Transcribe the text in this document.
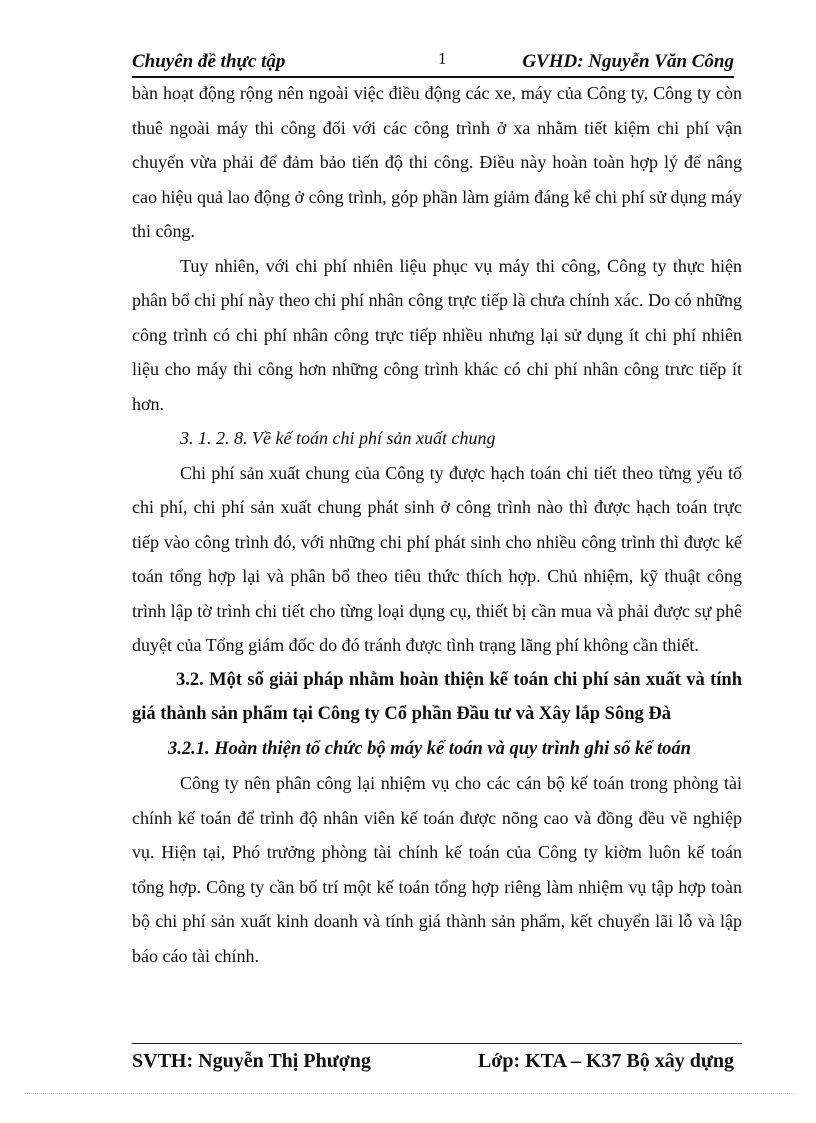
Chuyên đề thực tập	1	GVHD: Nguyễn Văn Công

bàn hoạt động rộng nên ngoài việc điều động các xe, máy của Công ty, Công ty còn thuê ngoài máy thi công đối với các công trình ở xa nhằm tiết kiệm chi phí vận chuyển vừa phải để đảm bảo tiến độ thi công. Điều này hoàn toàn hợp lý để nâng cao hiệu quả lao động ở công trình, góp phần làm giảm đáng kể chi phí sử dụng máy thi công.

Tuy nhiên, với chi phí nhiên liệu phục vụ máy thi công, Công ty thực hiện phân bổ chi phí này theo chi phí nhân công trực tiếp là chưa chính xác. Do có những công trình có chi phí nhân công trực tiếp nhiều nhưng lại sử dụng ít chi phí nhiên liệu cho máy thi công hơn những công trình khác có chi phí nhân công trưc tiếp ít hơn.

3. 1. 2. 8. Về kế toán chi phí sản xuất chung

Chi phí sản xuất chung của Công ty được hạch toán chi tiết theo từng yếu tố chi phí, chi phí sản xuất chung phát sinh ở công trình nào thì được hạch toán trực tiếp vào công trình đó, với những chi phí phát sinh cho nhiều công trình thì được kế toán tổng hợp lại và phân bổ theo tiêu thức thích hợp. Chủ nhiệm, kỹ thuật công trình lập tờ trình chi tiết cho từng loại dụng cụ, thiết bị cần mua và phải được sự phê duyệt của Tổng giám đốc do đó tránh được tình trạng lãng phí không cần thiết.

3.2. Một số giải pháp nhằm hoàn thiện kế toán chi phí sản xuất và tính giá thành sản phẩm tại Công ty Cổ phần Đầu tư và Xây lắp Sông Đà

3.2.1. Hoàn thiện tổ chức bộ máy kế toán và quy trình ghi sổ kế toán

Công ty nên phân công lại nhiệm vụ cho các cán bộ kế toán trong phòng tài chính kế toán để trình độ nhân viên kế toán được nõng cao và đồng đều về nghiệp vụ. Hiện tại, Phó trưởng phòng tài chính kế toán của Công ty kiờm luôn kế toán tổng hợp. Công ty cần bố trí một kế toán tổng hợp riêng làm nhiệm vụ tập hợp toàn bộ chi phí sản xuất kinh doanh và tính giá thành sản phẩm, kết chuyển lãi lỗ và lập báo cáo tài chính.

SVTH: Nguyễn Thị Phượng	Lớp: KTA – K37 Bộ xây dựng
